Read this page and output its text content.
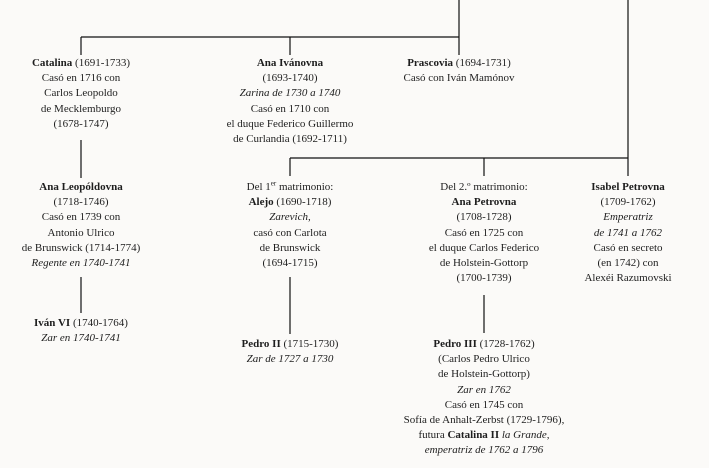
Catalina (1691-1733)
Casó en 1716 con
Carlos Leopoldo
de Mecklemburgo
(1678-1747)
Ana Ivánovna
(1693-1740)
Zarina de 1730 a 1740
Casó en 1710 con
el duque Federico Guillermo
de Curlandia (1692-1711)
Prascovia (1694-1731)
Casó con Iván Mamónov
Ana Leopóldovna
(1718-1746)
Casó en 1739 con
Antonio Ulrico
de Brunswick (1714-1774)
Regente en 1740-1741
Del 1er matrimonio:
Alejo (1690-1718)
Zarevich,
casó con Carlota
de Brunswick
(1694-1715)
Del 2.º matrimonio:
Ana Petrovna
(1708-1728)
Casó en 1725 con
el duque Carlos Federico
de Holstein-Gottorp
(1700-1739)
Isabel Petrovna
(1709-1762)
Emperatriz
de 1741 a 1762
Casó en secreto
(en 1742) con
Alexéi Razumovski
Iván VI (1740-1764)
Zar en 1740-1741	Pedro II (1715-1730)
Zar de 1727 a 1730
Pedro III (1728-1762)
(Carlos Pedro Ulrico
de Holstein-Gottorp)
Zar en 1762
Casó en 1745 con
Sofía de Anhalt-Zerbst (1729-1796),
futura Catalina II la Grande,
emperatriz de 1762 a 1796
